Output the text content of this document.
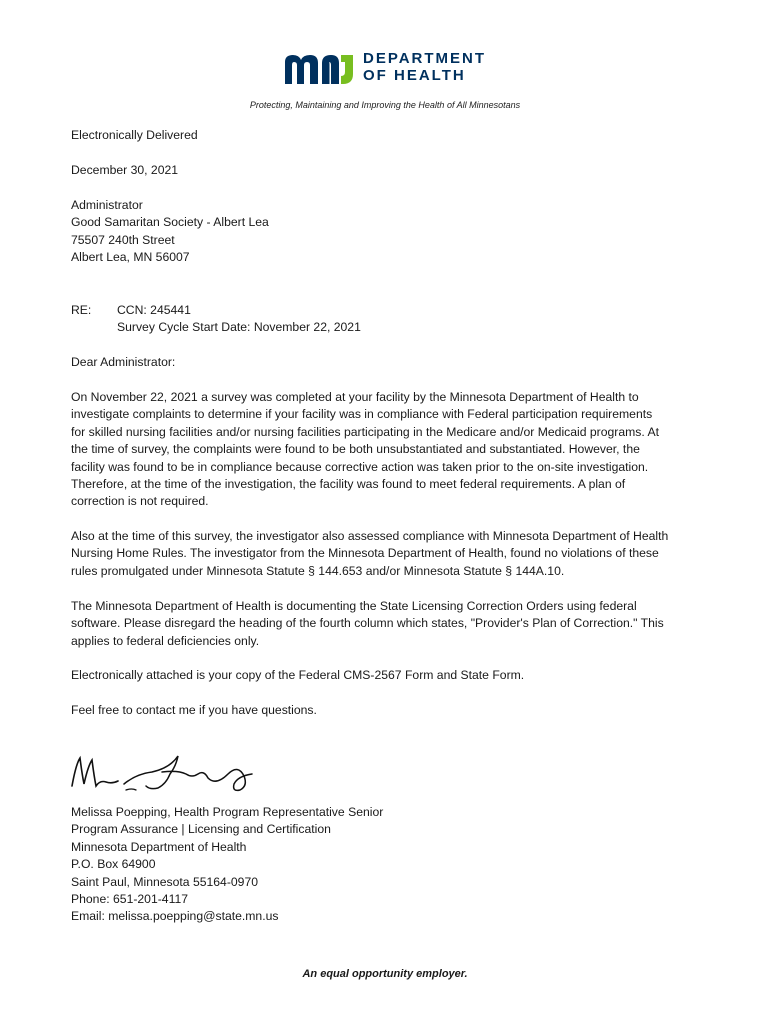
DEPARTMENT
OF HEALTH
Protecting, Maintaining and Improving the Health of All Minnesotans
Electronically Delivered
December 30, 2021
Administrator
Good Samaritan Society - Albert Lea
75507 240th Street
Albert Lea, MN 56007
RE: CCN: 245441
Survey Cycle Start Date: November 22, 2021
Dear Administrator:
On November 22, 2021 a survey was completed at your facility by the Minnesota Department of Health to
investigate complaints to determine if your facility was in compliance with Federal participation requirements
for skilled nursing facilities and/or nursing facilities participating in the Medicare and/or Medicaid programs. At
the time of survey, the complaints were found to be both unsubstantiated and substantiated. However, the
facility was found to be in compliance because corrective action was taken prior to the on-site investigation.
Therefore, at the time of the investigation, the facility was found to meet federal requirements. A plan of
correction is not required.
Also at the time of this survey, the investigator also assessed compliance with Minnesota Department of Health
Nursing Home Rules. The investigator from the Minnesota Department of Health, found no violations of these
rules promulgated under Minnesota Statute § 144.653 and/or Minnesota Statute § 144A.10.
The Minnesota Department of Health is documenting the State Licensing Correction Orders using federal
software. Please disregard the heading of the fourth column which states, "Provider's Plan of Correction." This
applies to federal deficiencies only.
Electronically attached is your copy of the Federal CMS-2567 Form and State Form.
Feel free to contact me if you have questions.
Melissa Poepping, Health Program Representative Senior
Program Assurance | Licensing and Certification
Minnesota Department of Health
P.O. Box 64900
Saint Paul, Minnesota 55164-0970
Phone: 651-201-4117
Email: melissa.poepping@state.mn.us
An equal opportunity employer.
